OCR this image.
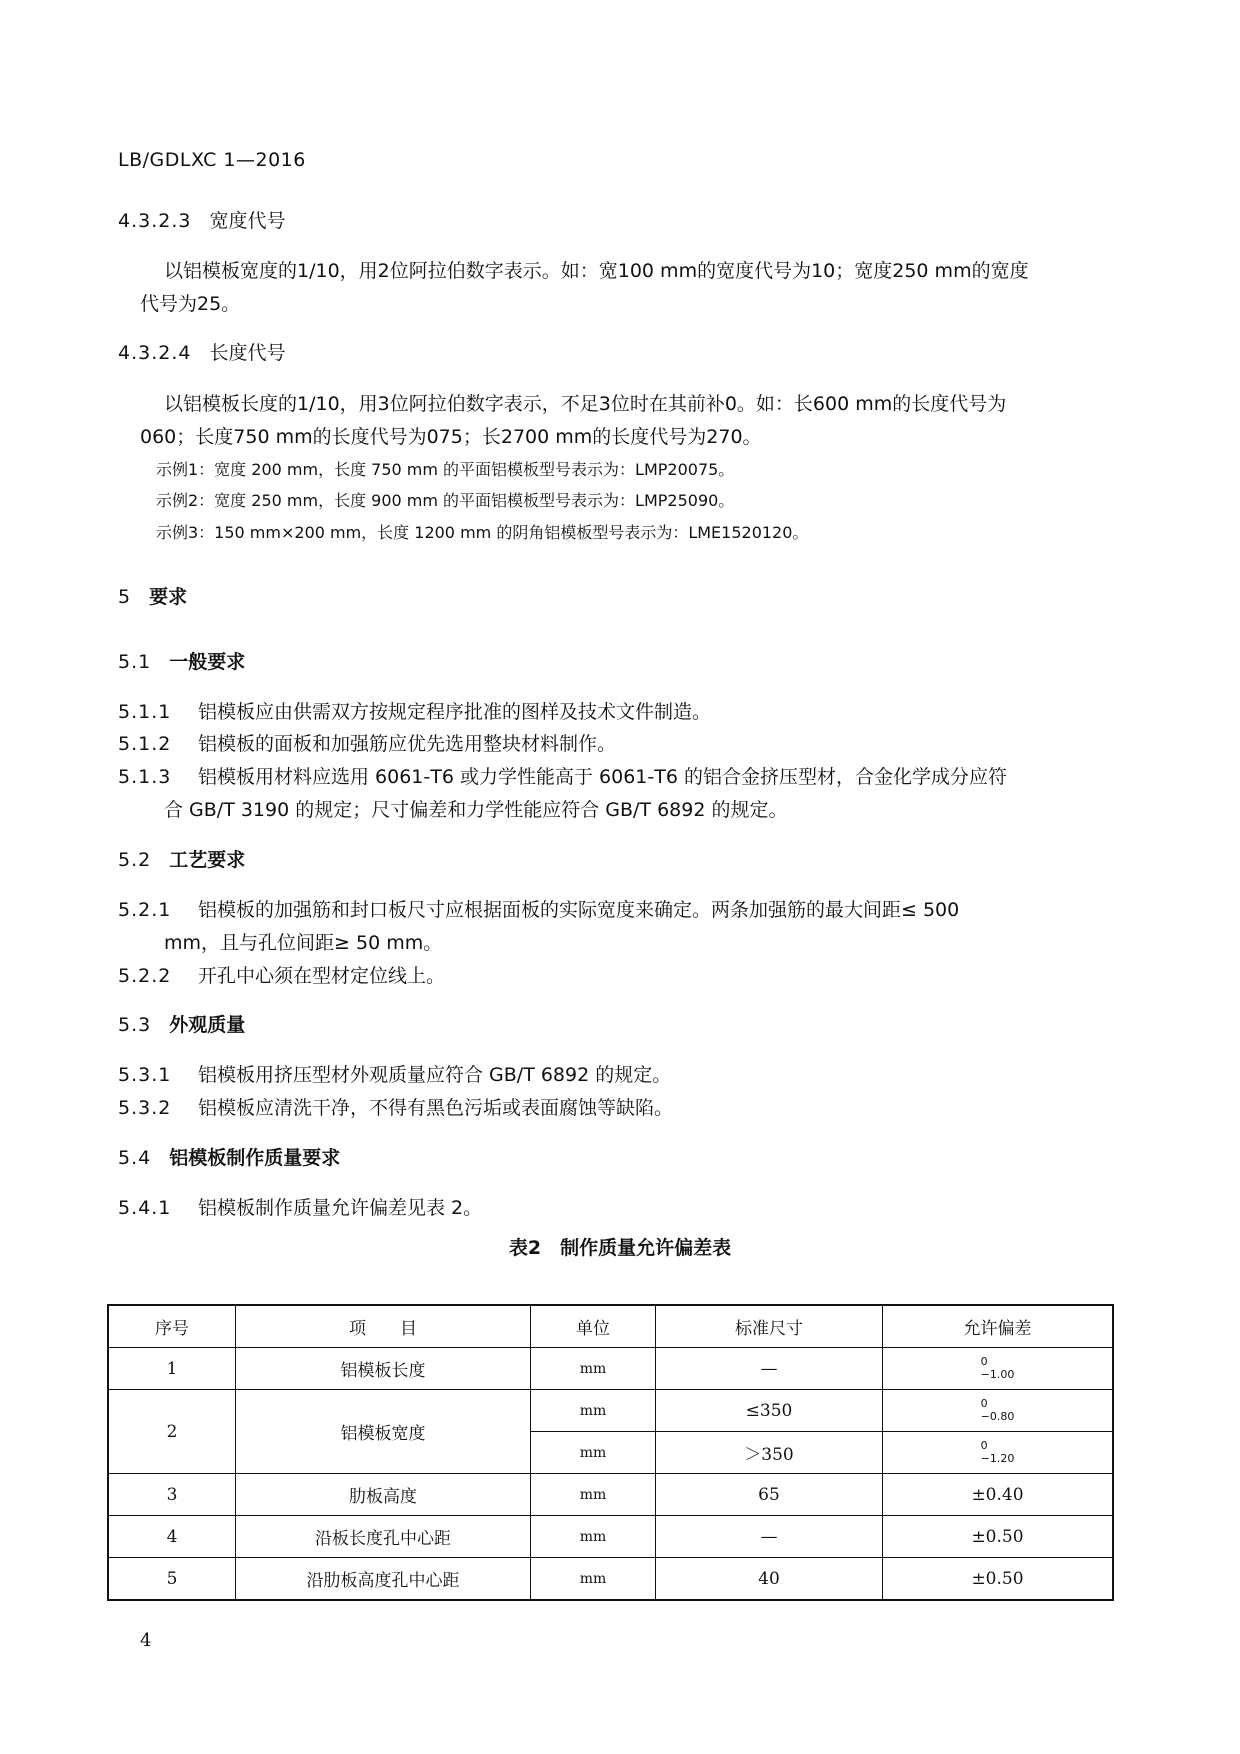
LB/GDLXC 1—2016
4.3.2.3 宽度代号
以铝模板宽度的1/10，用2位阿拉伯数字表示。如：宽100 mm的宽度代号为10；宽度250 mm的宽度
代号为25。
4.3.2.4 长度代号
以铝模板长度的1/10，用3位阿拉伯数字表示，不足3位时在其前补0。如：长600 mm的长度代号为
060；长度750 mm的长度代号为075；长2700 mm的长度代号为270。
示例1：宽度 200 mm，长度 750 mm 的平面铝模板型号表示为：LMP20075。
示例2：宽度 250 mm，长度 900 mm 的平面铝模板型号表示为：LMP25090。
示例3：150 mm×200 mm，长度 1200 mm 的阴角铝模板型号表示为：LME1520120。
5 要求
5.1 一般要求
5.1.1 铝模板应由供需双方按规定程序批准的图样及技术文件制造。
5.1.2 铝模板的面板和加强筋应优先选用整块材料制作。
5.1.3 铝模板用材料应选用 6061-T6 或力学性能高于 6061-T6 的铝合金挤压型材，合金化学成分应符
合 GB/T 3190 的规定；尺寸偏差和力学性能应符合 GB/T 6892 的规定。
5.2 工艺要求
5.2.1 铝模板的加强筋和封口板尺寸应根据面板的实际宽度来确定。两条加强筋的最大间距≤ 500
mm，且与孔位间距≥ 50 mm。
5.2.2 开孔中心须在型材定位线上。
5.3 外观质量
5.3.1 铝模板用挤压型材外观质量应符合 GB/T 6892 的规定。
5.3.2 铝模板应清洗干净，不得有黑色污垢或表面腐蚀等缺陷。
5.4 铝模板制作质量要求
5.4.1 铝模板制作质量允许偏差见表 2。
表2　制作质量允许偏差表
序号	项　　目	单位	标准尺寸	允许偏差
1	铝模板长度	mm	—	0
−1.00

2	铝模板宽度	mm	≤350	0
−0.80

		mm	＞350	0
−1.20

3	肋板高度	mm	65	±0.40
4	沿板长度孔中心距	mm	—	±0.50
5	沿肋板高度孔中心距	mm	40	±0.50
4
